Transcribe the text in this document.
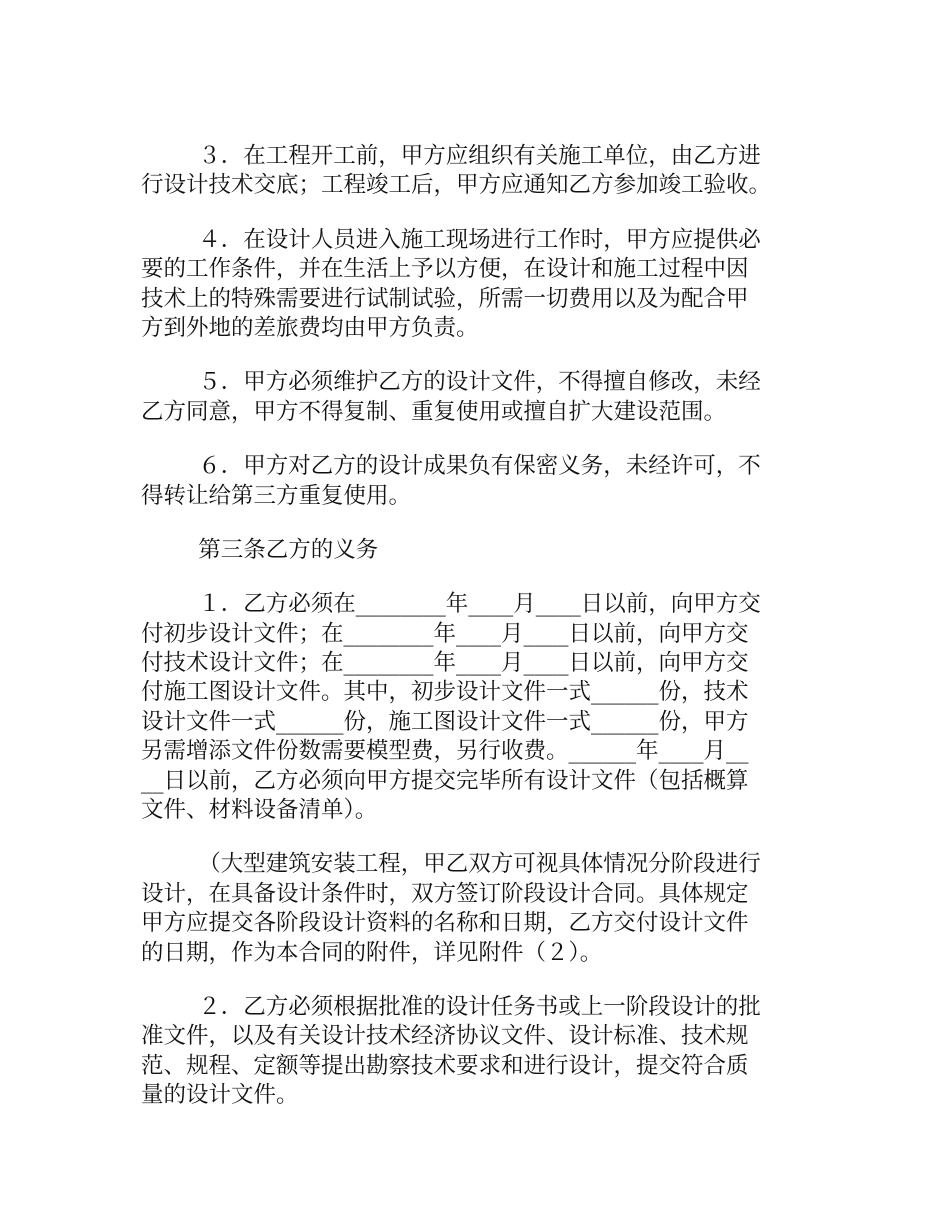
３．在工程开工前，甲方应组织有关施工单位，由乙方进
行设计技术交底；工程竣工后，甲方应通知乙方参加竣工验收。
４．在设计人员进入施工现场进行工作时，甲方应提供必
要的工作条件，并在生活上予以方便，在设计和施工过程中因
技术上的特殊需要进行试制试验，所需一切费用以及为配合甲
方到外地的差旅费均由甲方负责。
５．甲方必须维护乙方的设计文件，不得擅自修改，未经
乙方同意，甲方不得复制、重复使用或擅自扩大建设范围。
６．甲方对乙方的设计成果负有保密义务，未经许可，不
得转让给第三方重复使用。
第三条乙方的义务
１．乙方必须在________年____月____日以前，向甲方交
付初步设计文件；在________年____月____日以前，向甲方交
付技术设计文件；在________年____月____日以前，向甲方交
付施工图设计文件。其中，初步设计文件一式______份，技术
设计文件一式______份，施工图设计文件一式______份，甲方
另需增添文件份数需要模型费，另行收费。______年____月__
__日以前，乙方必须向甲方提交完毕所有设计文件（包括概算
文件、材料设备清单）。
（大型建筑安装工程，甲乙双方可视具体情况分阶段进行
设计，在具备设计条件时，双方签订阶段设计合同。具体规定
甲方应提交各阶段设计资料的名称和日期，乙方交付设计文件
的日期，作为本合同的附件，详见附件（２）。
２．乙方必须根据批准的设计任务书或上一阶段设计的批
准文件，以及有关设计技术经济协议文件、设计标准、技术规
范、规程、定额等提出勘察技术要求和进行设计，提交符合质
量的设计文件。
